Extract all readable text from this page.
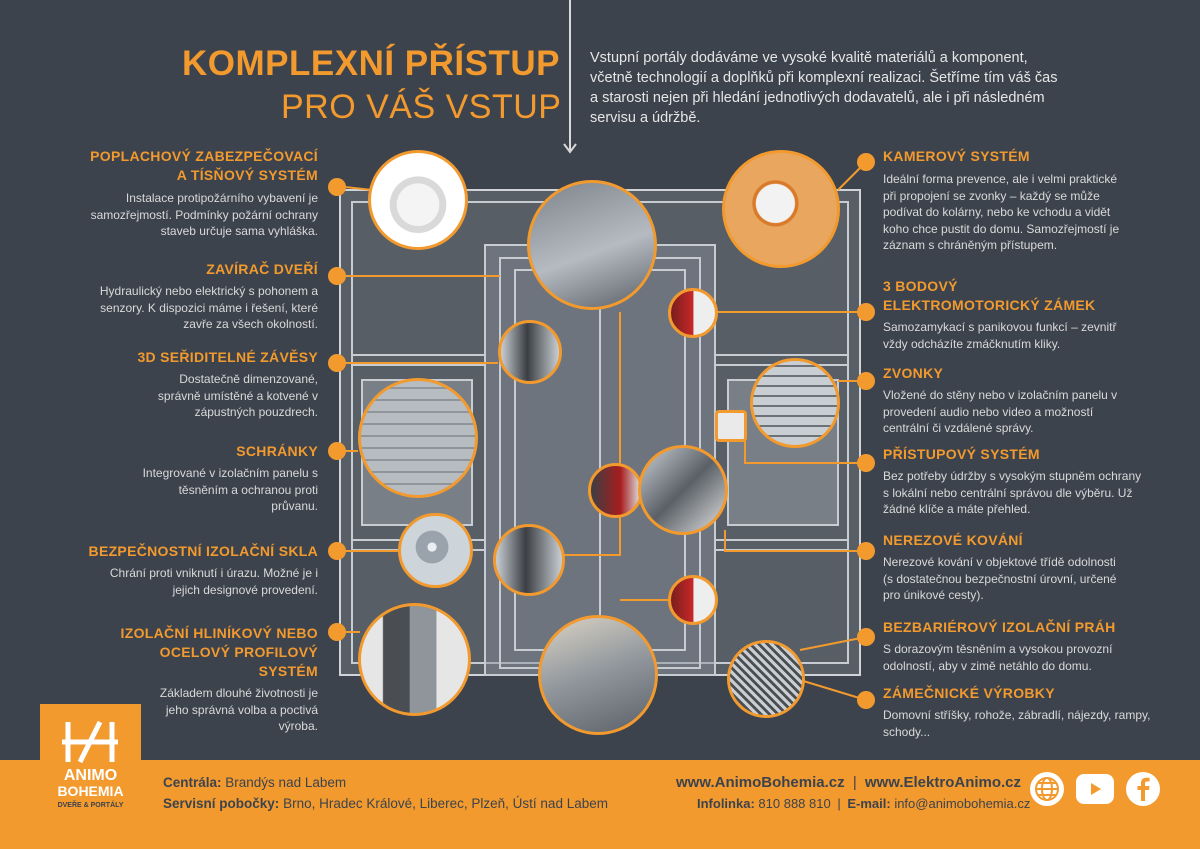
KOMPLEXNÍ PŘÍSTUP
PRO VÁŠ VSTUP
Vstupní portály dodáváme ve vysoké kvalitě materiálů a komponent, včetně technologií a doplňků při komplexní realizaci. Šetříme tím váš čas a starosti nejen při hledání jednotlivých dodavatelů, ale i při následném servisu a údržbě.
POPLACHOVÝ ZABEZPEČOVACÍ A TÍSŇOVÝ SYSTÉM
Instalace protipožárního vybavení je samozřejmostí. Podmínky požární ochrany staveb určuje sama vyhláška.
ZAVÍRAČ DVEŘÍ
Hydraulický nebo elektrický s pohonem a senzory. K dispozici máme i řešení, které zavře za všech okolností.
3D SEŘIDITELNÉ ZÁVĚSY
Dostatečně dimenzované, správně umístěné a kotvené v zápustných pouzdrech.
SCHRÁNKY
Integrované v izolačním panelu s těsněním a ochranou proti průvanu.
BEZPEČNOSTNÍ IZOLAČNÍ SKLA
Chrání proti vniknutí i úrazu. Možné je i jejich designové provedení.
IZOLAČNÍ HLINÍKOVÝ NEBO OCELOVÝ PROFILOVÝ SYSTÉM
Základem dlouhé životnosti je jeho správná volba a poctivá výroba.
KAMEROVÝ SYSTÉM
Ideální forma prevence, ale i velmi praktické při propojení se zvonky – každý se může podívat do kolárny, nebo ke vchodu a vidět koho chce pustit do domu. Samozřejmostí je záznam s chráněným přístupem.
3 BODOVÝ ELEKTROMOTORICKÝ ZÁMEK
Samozamykací s panikovou funkcí – zevnitř vždy odcházíte zmáčknutím kliky.
ZVONKY
Vložené do stěny nebo v izolačním panelu v provedení audio nebo video a možností centrální či vzdálené správy.
PŘÍSTUPOVÝ SYSTÉM
Bez potřeby údržby s vysokým stupněm ochrany s lokální nebo centrální správou dle výběru. Už žádné klíče a máte přehled.
NEREZOVÉ KOVÁNÍ
Nerezové kování v objektové třídě odolnosti (s dostatečnou bezpečnostní úrovní, určené pro únikové cesty).
BEZBARIÉROVÝ IZOLAČNÍ PRÁH
S dorazovým těsněním a vysokou provozní odolností, aby v zimě netáhlo do domu.
ZÁMEČNICKÉ VÝROBKY
Domovní stříšky, rohože, zábradlí, nájezdy, rampy, schody...
ANIMO
BOHEMIA
DVEŘE & PORTÁLY
Centrála: Brandýs nad Labem
Servisní pobočky: Brno, Hradec Králové, Liberec, Plzeň, Ústí nad Labem
www.AnimoBohemia.cz | www.ElektroAnimo.cz
Infolinka: 810 888 810 | E-mail: info@animobohemia.cz
